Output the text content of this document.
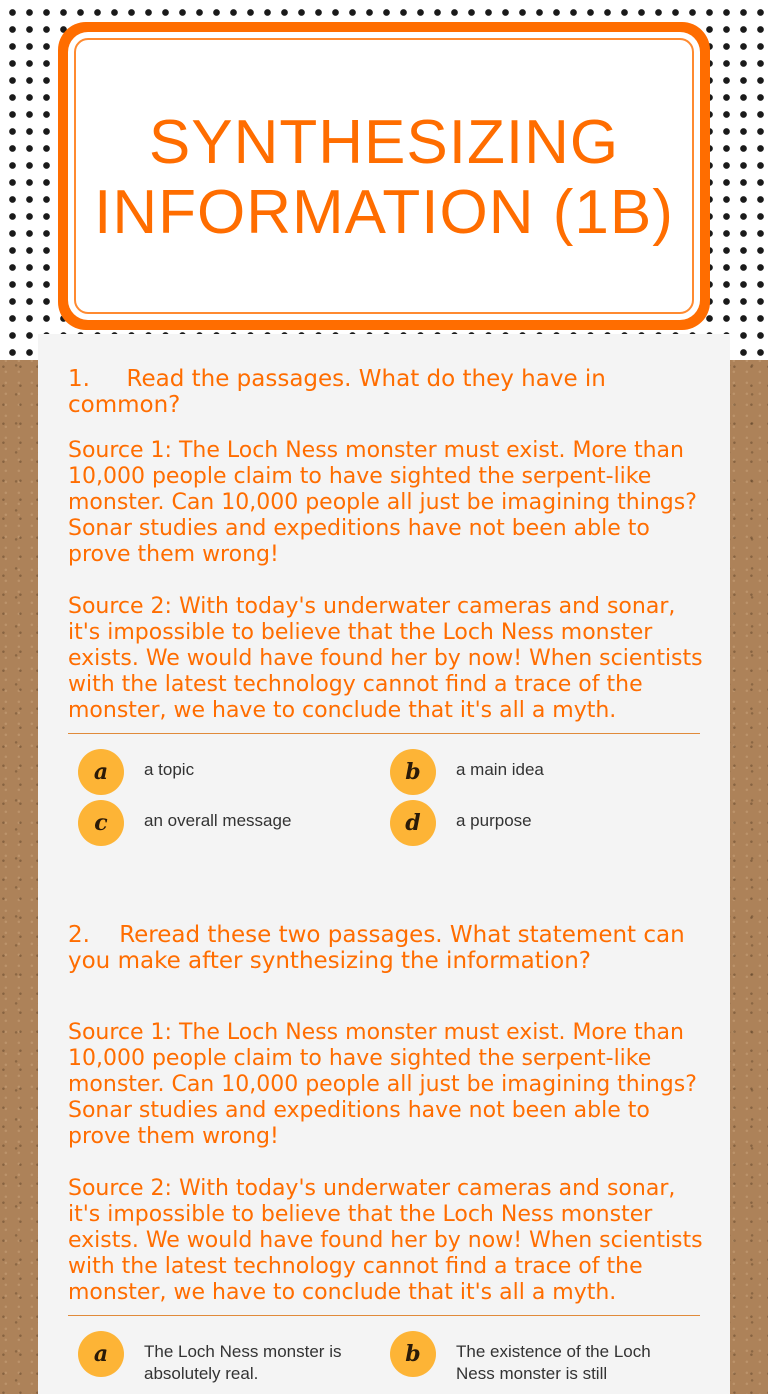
SYNTHESIZING
INFORMATION (1B)

1. Read the passages. What do they have in common?

Source 1: The Loch Ness monster must exist. More than 10,000 people claim to have sighted the serpent-like monster. Can 10,000 people all just be imagining things? Sonar studies and expeditions have not been able to prove them wrong!

Source 2: With today's underwater cameras and sonar, it's impossible to believe that the Loch Ness monster exists. We would have found her by now! When scientists with the latest technology cannot find a trace of the monster, we have to conclude that it's all a myth.

a	a topic	b	a main idea
c	an overall message	d	a purpose

2. Reread these two passages. What statement can you make after synthesizing the information?

Source 1: The Loch Ness monster must exist. More than 10,000 people claim to have sighted the serpent-like monster. Can 10,000 people all just be imagining things? Sonar studies and expeditions have not been able to prove them wrong!

Source 2: With today's underwater cameras and sonar, it's impossible to believe that the Loch Ness monster exists. We would have found her by now! When scientists with the latest technology cannot find a trace of the monster, we have to conclude that it's all a myth.

a	The Loch Ness monster is absolutely real.
b	The existence of the Loch Ness monster is still
